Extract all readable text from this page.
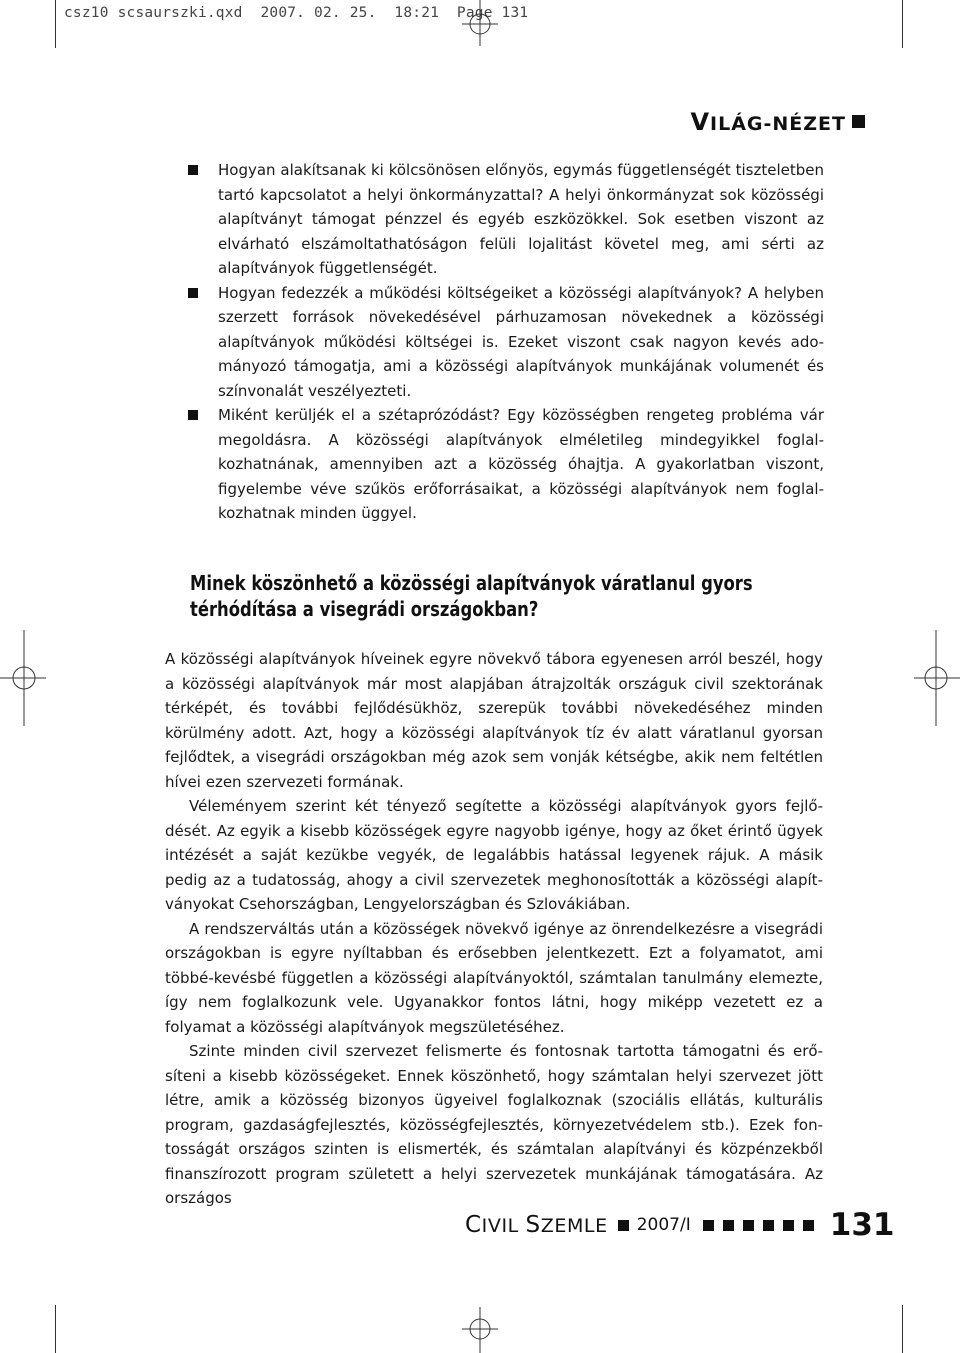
csz10 scsaurszki.qxd  2007. 02. 25.  18:21  Page 131
VILÁG-NÉZET
Hogyan alakítsanak ki kölcsönösen előnyös, egymás függetlenségét tiszteletben tartó kapcsolatot a helyi önkormányzattal? A helyi önkormányzat sok közösségi alapítványt támogat pénzzel és egyéb eszközökkel. Sok esetben viszont az elvárható elszámoltathatóságon felüli lojalitást követel meg, ami sérti az alapítványok függetlenségét.
Hogyan fedezzék a működési költségeiket a közösségi alapítványok? A helyben szerzett források növekedésével párhuzamosan növekednek a közösségi alapítványok működési költségei is. Ezeket viszont csak nagyon kevés adományozó támogatja, ami a közösségi alapítványok munkájának volumenét és színvonalát veszélyezteti.
Miként kerüljék el a szétaprózódást? Egy közösségben rengeteg probléma vár megoldásra. A közösségi alapítványok elméletileg mindegyikkel foglalkozhatnának, amennyiben azt a közösség óhajtja. A gyakorlatban viszont, figyelembe véve szűkös erőforrásaikat, a közösségi alapítványok nem foglalkozhatnak minden üggyel.
Minek köszönhető a közösségi alapítványok váratlanul gyors térhódítása a visegrádi országokban?

A közösségi alapítványok híveinek egyre növekvő tábora egyenesen arról beszél, hogy a közösségi alapítványok már most alapjában átrajzolták országuk civil szektorának térképét, és további fejlődésükhöz, szerepük további növekedéséhez minden körülmény adott. Azt, hogy a közösségi alapítványok tíz év alatt váratlanul gyorsan fejlődtek, a visegrádi országokban még azok sem vonják kétségbe, akik nem feltétlen hívei ezen szervezeti formának.

Véleményem szerint két tényező segítette a közösségi alapítványok gyors fejlődését. Az egyik a kisebb közösségek egyre nagyobb igénye, hogy az őket érintő ügyek intézését a saját kezükbe vegyék, de legalábbis hatással legyenek rájuk. A másik pedig az a tudatosság, ahogy a civil szervezetek meghonosították a közösségi alapítványokat Csehországban, Lengyelországban és Szlovákiában.

A rendszerváltás után a közösségek növekvő igénye az önrendelkezésre a visegrádi országokban is egyre nyíltabban és erősebben jelentkezett. Ezt a folyamatot, ami többé-kevésbé független a közösségi alapítványoktól, számtalan tanulmány elemezte, így nem foglalkozunk vele. Ugyanakkor fontos látni, hogy miképp vezetett ez a folyamat a közösségi alapítványok megszületéséhez.

Szinte minden civil szervezet felismerte és fontosnak tartotta támogatni és erősíteni a kisebb közösségeket. Ennek köszönhető, hogy számtalan helyi szervezet jött létre, amik a közösség bizonyos ügyeivel foglalkoznak (szociális ellátás, kulturális program, gazdaságfejlesztés, közösségfejlesztés, környezetvédelem stb.). Ezek fontosságát országos szinten is elismerték, és számtalan alapítványi és közpénzekből finanszírozott program született a helyi szervezetek munkájának támogatására. Az országos

CIVIL SZEMLE 2007/I	131
